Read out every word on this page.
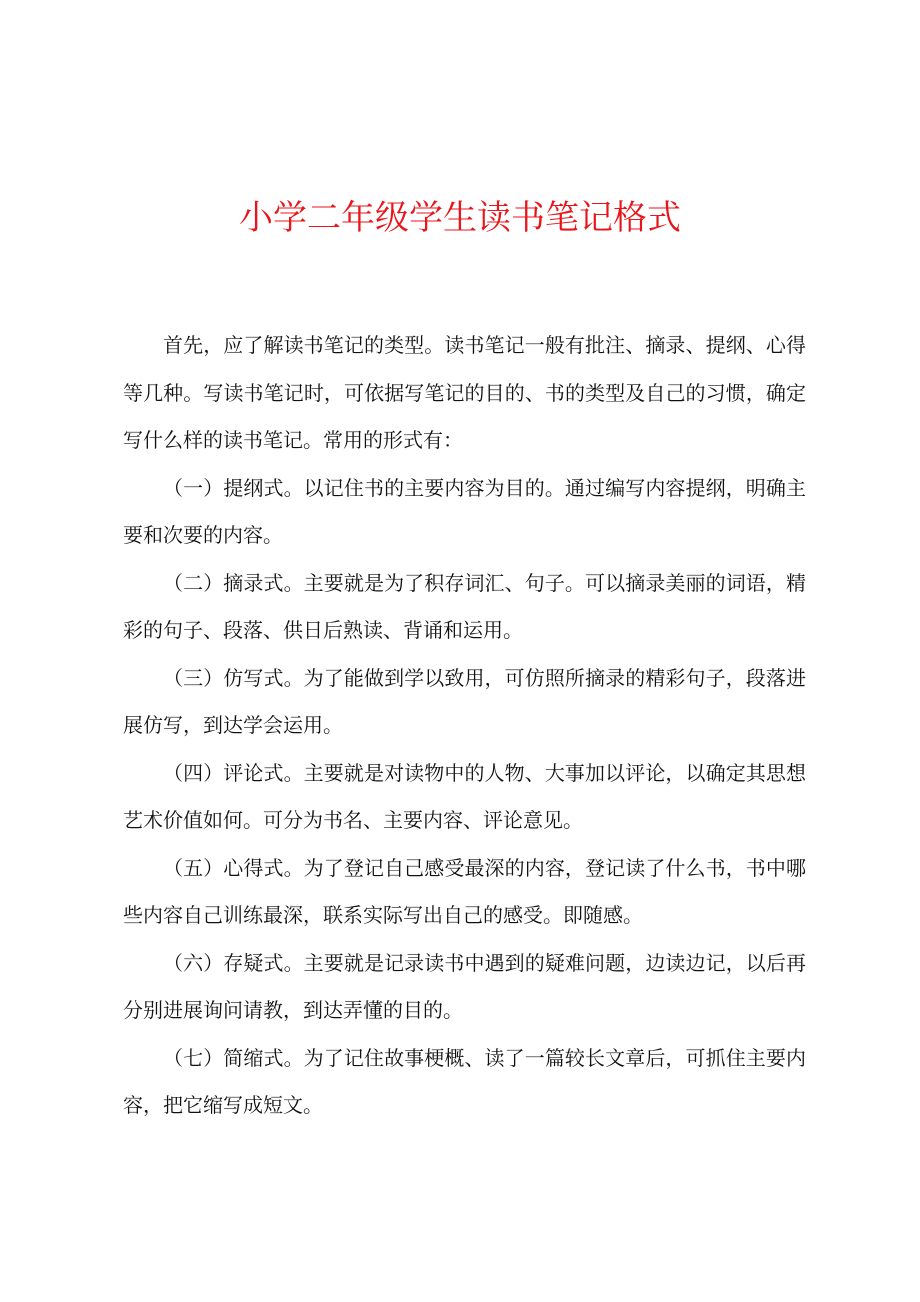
小学二年级学生读书笔记格式

首先，应了解读书笔记的类型。读书笔记一般有批注、摘录、提纲、心得等几种。写读书笔记时，可依据写笔记的目的、书的类型及自己的习惯，确定写什么样的读书笔记。常用的形式有：

（一）提纲式。以记住书的主要内容为目的。通过编写内容提纲，明确主要和次要的内容。

（二）摘录式。主要就是为了积存词汇、句子。可以摘录美丽的词语，精彩的句子、段落、供日后熟读、背诵和运用。

（三）仿写式。为了能做到学以致用，可仿照所摘录的精彩句子，段落进展仿写，到达学会运用。

（四）评论式。主要就是对读物中的人物、大事加以评论，以确定其思想艺术价值如何。可分为书名、主要内容、评论意见。

（五）心得式。为了登记自己感受最深的内容，登记读了什么书，书中哪些内容自己训练最深，联系实际写出自己的感受。即随感。

（六）存疑式。主要就是记录读书中遇到的疑难问题，边读边记，以后再分别进展询问请教，到达弄懂的目的。

（七）简缩式。为了记住故事梗概、读了一篇较长文章后，可抓住主要内容，把它缩写成短文。
